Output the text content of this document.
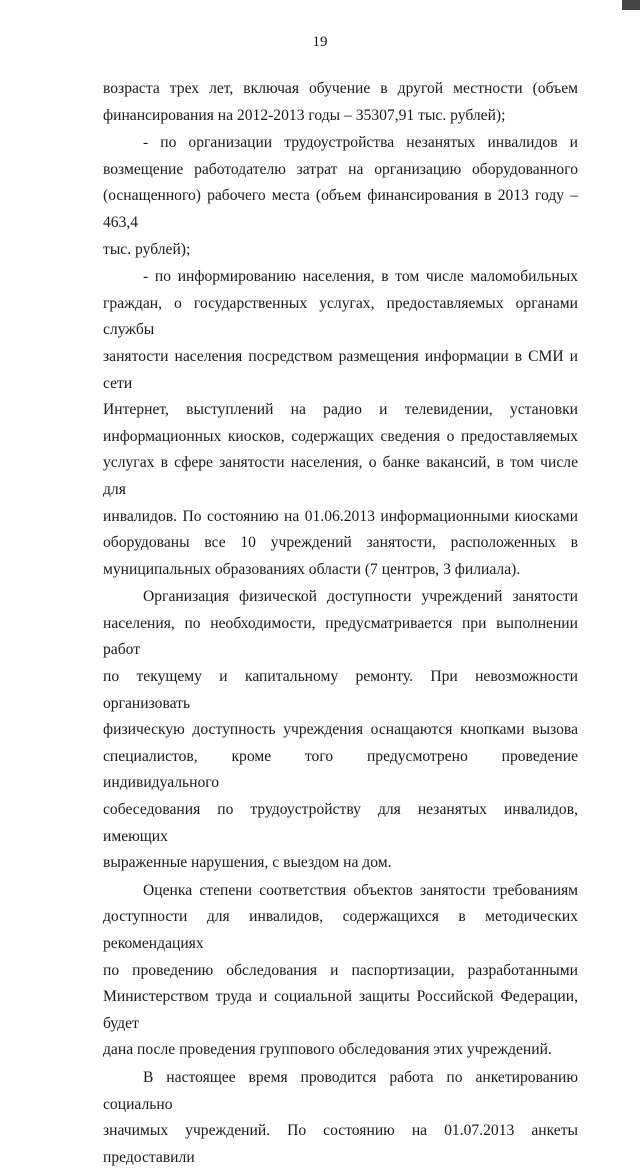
19

возраста трех лет, включая обучение в другой местности (объем

финансирования на 2012-2013 годы – 35307,91 тыс. рублей);

- по организации трудоустройства незанятых инвалидов и

возмещение работодателю затрат на организацию оборудованного

(оснащенного) рабочего места (объем финансирования в 2013 году – 463,4

тыс. рублей);

- по информированию населения, в том числе маломобильных

граждан, о государственных услугах, предоставляемых органами службы

занятости населения посредством размещения информации в СМИ и сети

Интернет, выступлений на радио и телевидении, установки

информационных киосков, содержащих сведения о предоставляемых

услугах в сфере занятости населения, о банке вакансий, в том числе для

инвалидов. По состоянию на 01.06.2013 информационными киосками

оборудованы все 10 учреждений занятости, расположенных в

муниципальных образованиях области (7 центров, 3 филиала).

Организация физической доступности учреждений занятости

населения, по необходимости, предусматривается при выполнении работ

по текущему и капитальному ремонту. При невозможности организовать

физическую доступность учреждения оснащаются кнопками вызова

специалистов, кроме того предусмотрено проведение индивидуального

собеседования по трудоустройству для незанятых инвалидов, имеющих

выраженные нарушения, с выездом на дом.

Оценка степени соответствия объектов занятости требованиям

доступности для инвалидов, содержащихся в методических рекомендациях

по проведению обследования и паспортизации, разработанными

Министерством труда и социальной защиты Российской Федерации, будет

дана после проведения группового обследования этих учреждений.

В настоящее время проводится работа по анкетированию социально

значимых учреждений. По состоянию на 01.07.2013 анкеты предоставили
